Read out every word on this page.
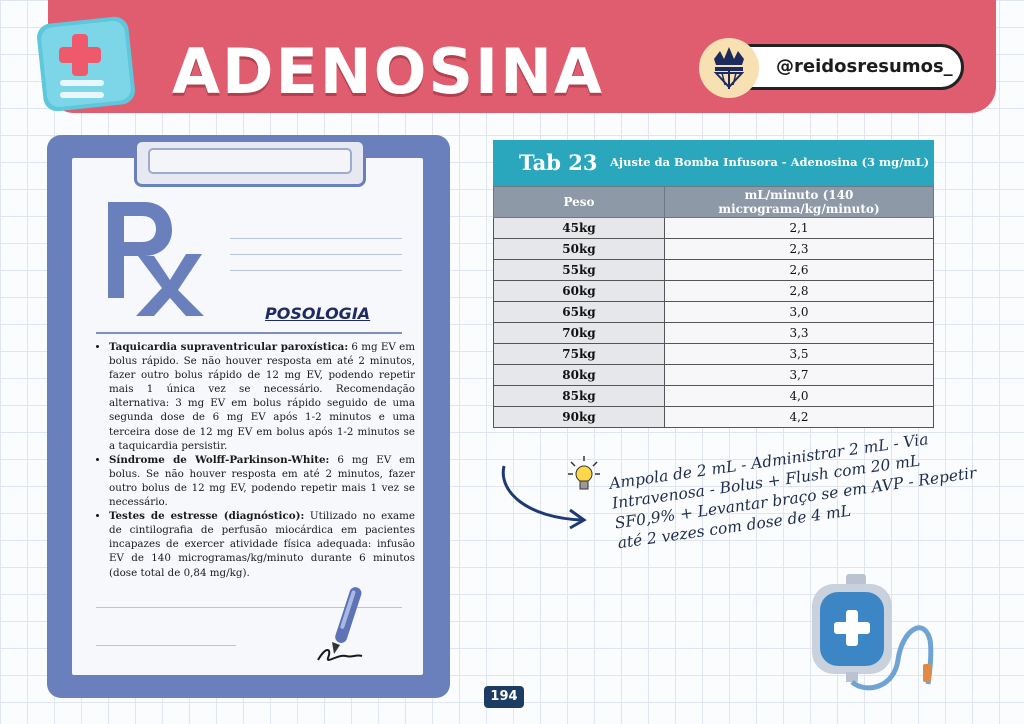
ADENOSINA	@reidosresumos_
POSOLOGIA
• Taquicardia supraventricular paroxística: 6 mg EV em bolus rápido. Se não houver resposta em até 2 minutos, fazer outro bolus rápido de 12 mg EV, podendo repetir mais 1 única vez se necessário. Recomendação alternativa: 3 mg EV em bolus rápido seguido de uma segunda dose de 6 mg EV após 1-2 minutos e uma terceira dose de 12 mg EV em bolus após 1-2 minutos se a taquicardia persistir.
• Síndrome de Wolff-Parkinson-White: 6 mg EV em bolus. Se não houver resposta em até 2 minutos, fazer outro bolus de 12 mg EV, podendo repetir mais 1 vez se necessário.
• Testes de estresse (diagnóstico): Utilizado no exame de cintilografia de perfusão miocárdica em pacientes incapazes de exercer atividade física adequada: infusão EV de 140 microgramas/kg/minuto durante 6 minutos (dose total de 0,84 mg/kg).
Tab 23 Ajuste da Bomba Infusora - Adenosina (3 mg/mL)
Peso	mL/minuto (140 micrograma/kg/minuto)
45kg	2,1
50kg	2,3
55kg	2,6
60kg	2,8
65kg	3,0
70kg	3,3
75kg	3,5
80kg	3,7
85kg	4,0
90kg	4,2
Ampola de 2 mL - Administrar 2 mL - Via Intravenosa - Bolus + Flush com 20 mL SF0,9% + Levantar braço se em AVP - Repetir até 2 vezes com dose de 4 mL
194
